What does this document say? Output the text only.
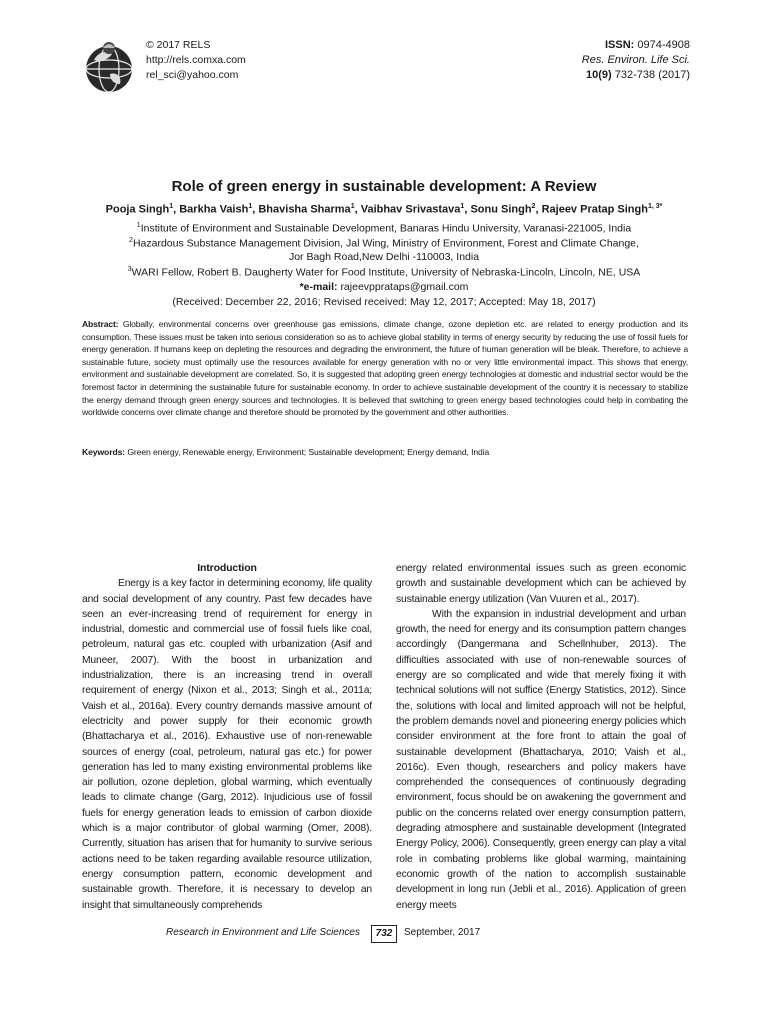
© 2017 RELS
http://rels.comxa.com
rel_sci@yahoo.com
ISSN: 0974-4908
Res. Environ. Life Sci.
10(9) 732-738 (2017)
Role of green energy in sustainable development: A Review
Pooja Singh$^1$, Barkha Vaish$^1$, Bhavisha Sharma$^1$, Vaibhav Srivastava$^1$, Sonu Singh$^2$, Rajeev Pratap Singh$^{1, 3*}$
$^1$Institute of Environment and Sustainable Development, Banaras Hindu University, Varanasi-221005, India
$^2$Hazardous Substance Management Division, Jal Wing, Ministry of Environment, Forest and Climate Change,
Jor Bagh Road,New Delhi -110003, India
$^3$WARI Fellow, Robert B. Daugherty Water for Food Institute, University of Nebraska-Lincoln, Lincoln, NE, USA
*e-mail: rajeevpprataps@gmail.com
(Received: December 22, 2016; Revised received: May 12, 2017; Accepted: May 18, 2017)
Abstract: Globally, environmental concerns over greenhouse gas emissions, climate change, ozone depletion etc. are related to energy production and its consumption. These issues must be taken into serious consideration so as to achieve global stability in terms of energy security by reducing the use of fossil fuels for energy generation. If humans keep on depleting the resources and degrading the environment, the future of human generation will be bleak. Therefore, to achieve a sustainable future, society must optimally use the resources available for energy generation with no or very little environmental impact. This shows that energy, environment and sustainable development are correlated. So, it is suggested that adopting green energy technologies at domestic and industrial sector would be the foremost factor in determining the sustainable future for sustainable economy. In order to achieve sustainable development of the country it is necessary to stabilize the energy demand through green energy sources and technologies. It is believed that switching to green energy based technologies could help in combating the worldwide concerns over climate change and therefore should be promoted by the government and other authorities.
Keywords: Green energy, Renewable energy, Environment; Sustainable development; Energy demand, India

Introduction

Energy is a key factor in determining economy, life quality and social development of any country. Past few decades have seen an ever-increasing trend of requirement for energy in industrial, domestic and commercial use of fossil fuels like coal, petroleum, natural gas etc. coupled with urbanization (Asif and Muneer, 2007). With the boost in urbanization and industrialization, there is an increasing trend in overall requirement of energy (Nixon et al., 2013; Singh et al., 2011a; Vaish et al., 2016a). Every country demands massive amount of electricity and power supply for their economic growth (Bhattacharya et al., 2016). Exhaustive use of non-renewable sources of energy (coal, petroleum, natural gas etc.) for power generation has led to many existing environmental problems like air pollution, ozone depletion, global warming, which eventually leads to climate change (Garg, 2012). Injudicious use of fossil fuels for energy generation leads to emission of carbon dioxide which is a major contributor of global warming (Omer, 2008). Currently, situation has arisen that for humanity to survive serious actions need to be taken regarding available resource utilization, energy consumption pattern, economic development and sustainable growth. Therefore, it is necessary to develop an insight that simultaneously comprehends

energy related environmental issues such as green economic growth and sustainable development which can be achieved by sustainable energy utilization (Van Vuuren et al., 2017).

With the expansion in industrial development and urban growth, the need for energy and its consumption pattern changes accordingly (Dangermana and Schellnhuber, 2013). The difficulties associated with use of non-renewable sources of energy are so complicated and wide that merely fixing it with technical solutions will not suffice (Energy Statistics, 2012). Since the, solutions with local and limited approach will not be helpful, the problem demands novel and pioneering energy policies which consider environment at the fore front to attain the goal of sustainable development (Bhattacharya, 2010; Vaish et al., 2016c). Even though, researchers and policy makers have comprehended the consequences of continuously degrading environment, focus should be on awakening the government and public on the concerns related over energy consumption pattern, degrading atmosphere and sustainable development (Integrated Energy Policy, 2006). Consequently, green energy can play a vital role in combating problems like global warming, maintaining economic growth of the nation to accomplish sustainable development in long run (Jebli et al., 2016). Application of green energy meets

Research in Environment and Life Sciences	732	September, 2017
